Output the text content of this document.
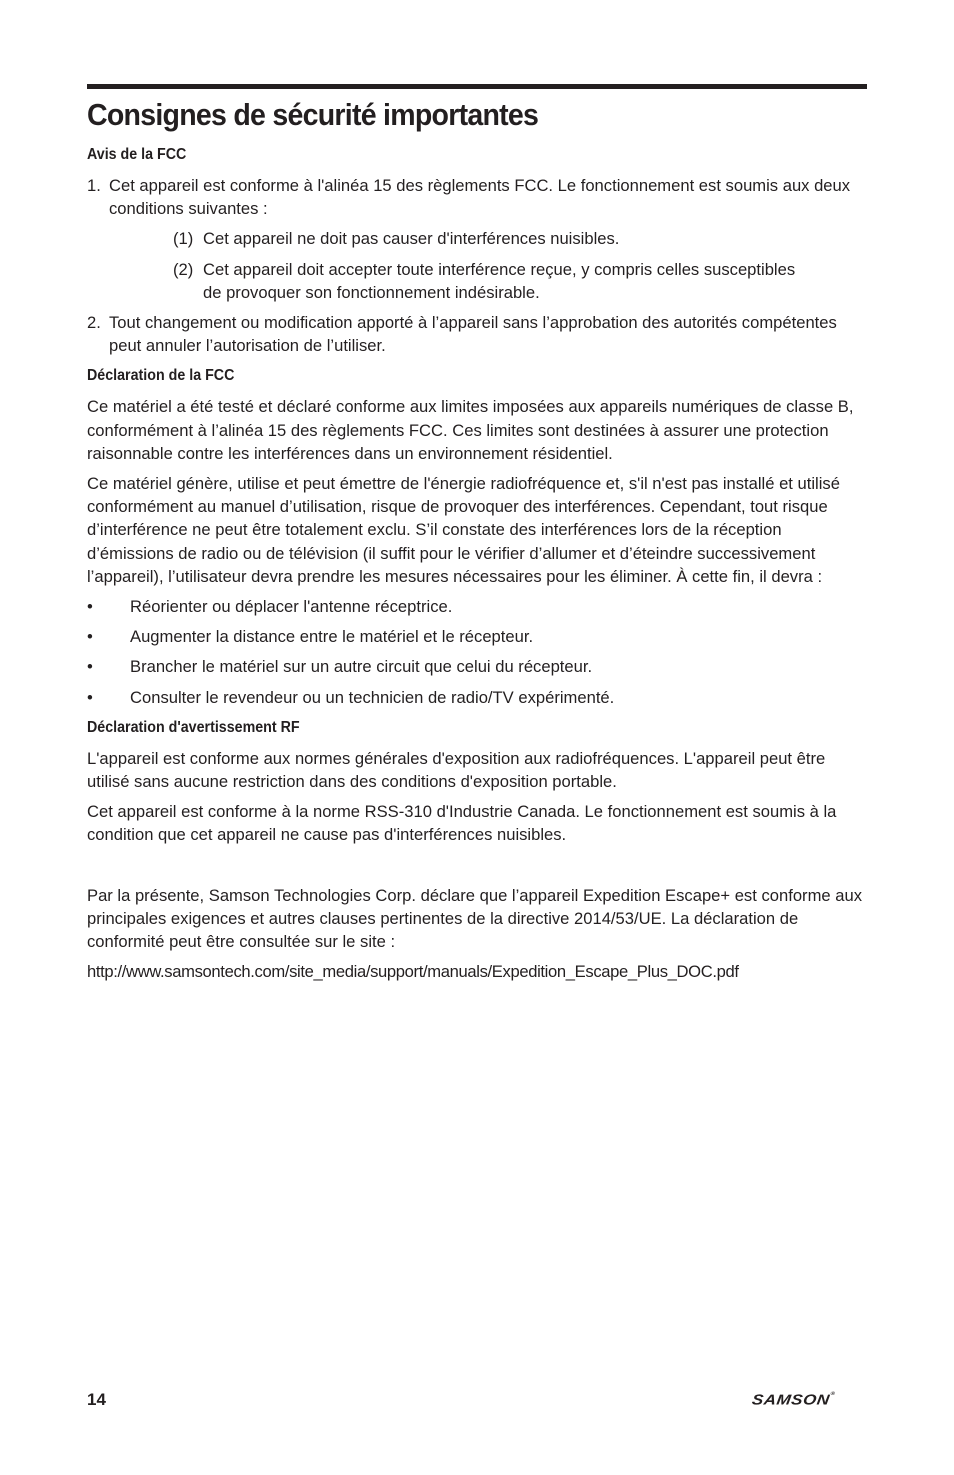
Consignes de sécurité importantes
Avis de la FCC
1. Cet appareil est conforme à l'alinéa 15 des règlements FCC. Le fonctionnement est soumis aux deux conditions suivantes :
(1) Cet appareil ne doit pas causer d'interférences nuisibles.
(2) Cet appareil doit accepter toute interférence reçue, y compris celles susceptibles de provoquer son fonctionnement indésirable.
2. Tout changement ou modification apporté à l’appareil sans l’approbation des autorités compétentes peut annuler l’autorisation de l’utiliser.
Déclaration de la FCC

Ce matériel a été testé et déclaré conforme aux limites imposées aux appareils numériques de classe B, conformément à l’alinéa 15 des règlements FCC. Ces limites sont destinées à assurer une protection raisonnable contre les interférences dans un environnement résidentiel.

Ce matériel génère, utilise et peut émettre de l'énergie radiofréquence et, s'il n'est pas installé et utilisé conformément au manuel d’utilisation, risque de provoquer des interférences. Cependant, tout risque d’interférence ne peut être totalement exclu. S’il constate des interférences lors de la réception d’émissions de radio ou de télévision (il suffit pour le vérifier d’allumer et d’éteindre successivement l’appareil), l’utilisateur devra prendre les mesures nécessaires pour les éliminer. À cette fin, il devra :

• Réorienter ou déplacer l'antenne réceptrice.
• Augmenter la distance entre le matériel et le récepteur.
• Brancher le matériel sur un autre circuit que celui du récepteur.
• Consulter le revendeur ou un technicien de radio/TV expérimenté.
Déclaration d'avertissement RF

L'appareil est conforme aux normes générales d'exposition aux radiofréquences. L'appareil peut être utilisé sans aucune restriction dans des conditions d'exposition portable.

Cet appareil est conforme à la norme RSS-310 d'Industrie Canada. Le fonctionnement est soumis à la condition que cet appareil ne cause pas d'interférences nuisibles.

Par la présente, Samson Technologies Corp. déclare que l’appareil Expedition Escape+ est conforme aux principales exigences et autres clauses pertinentes de la directive 2014/53/UE. La déclaration de conformité peut être consultée sur le site :

http://www.samsontech.com/site_media/support/manuals/Expedition_Escape_Plus_DOC.pdf

14	SAMSON®
